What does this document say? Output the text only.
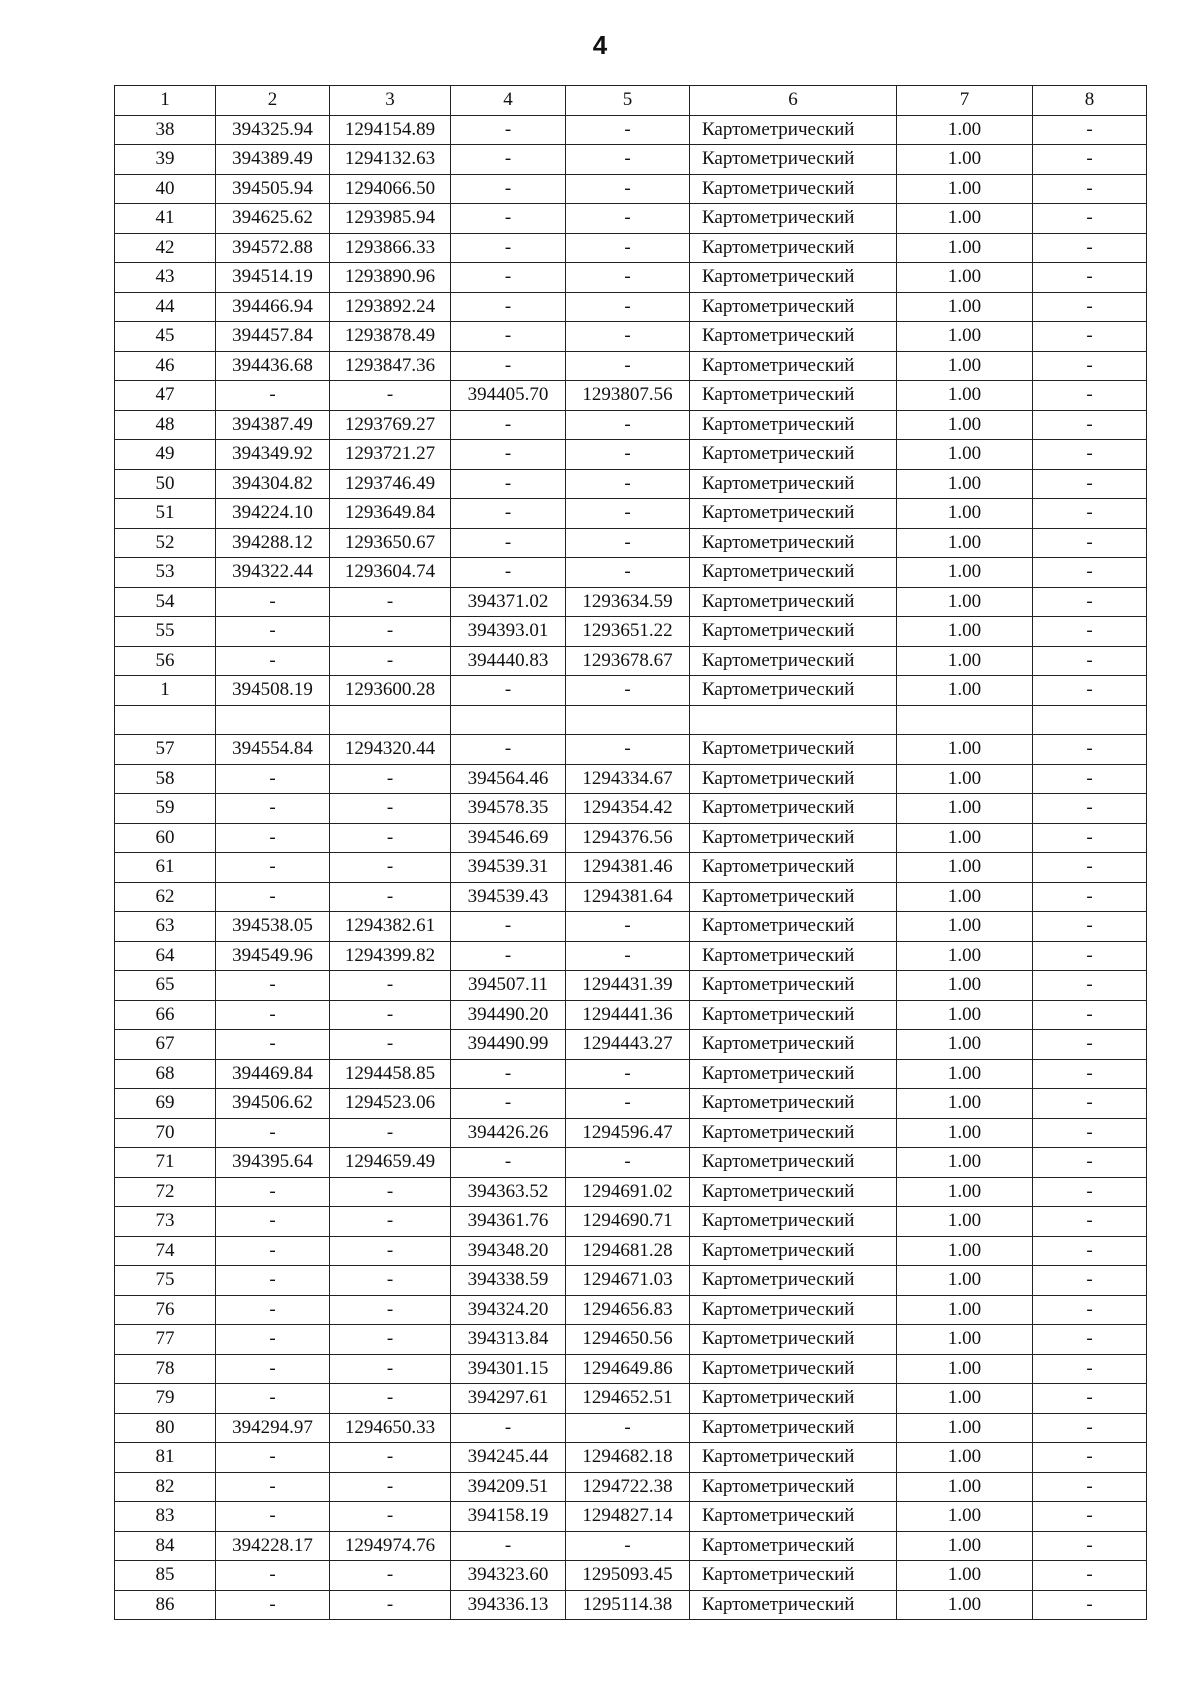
4
1	2	3	4	5	6	7	8
38	394325.94	1294154.89	-	-	Картометрический	1.00	-
39	394389.49	1294132.63	-	-	Картометрический	1.00	-
40	394505.94	1294066.50	-	-	Картометрический	1.00	-
41	394625.62	1293985.94	-	-	Картометрический	1.00	-
42	394572.88	1293866.33	-	-	Картометрический	1.00	-
43	394514.19	1293890.96	-	-	Картометрический	1.00	-
44	394466.94	1293892.24	-	-	Картометрический	1.00	-
45	394457.84	1293878.49	-	-	Картометрический	1.00	-
46	394436.68	1293847.36	-	-	Картометрический	1.00	-
47	-	-	394405.70	1293807.56	Картометрический	1.00	-
48	394387.49	1293769.27	-	-	Картометрический	1.00	-
49	394349.92	1293721.27	-	-	Картометрический	1.00	-
50	394304.82	1293746.49	-	-	Картометрический	1.00	-
51	394224.10	1293649.84	-	-	Картометрический	1.00	-
52	394288.12	1293650.67	-	-	Картометрический	1.00	-
53	394322.44	1293604.74	-	-	Картометрический	1.00	-
54	-	-	394371.02	1293634.59	Картометрический	1.00	-
55	-	-	394393.01	1293651.22	Картометрический	1.00	-
56	-	-	394440.83	1293678.67	Картометрический	1.00	-
1	394508.19	1293600.28	-	-	Картометрический	1.00	-

57	394554.84	1294320.44	-	-	Картометрический	1.00	-
58	-	-	394564.46	1294334.67	Картометрический	1.00	-
59	-	-	394578.35	1294354.42	Картометрический	1.00	-
60	-	-	394546.69	1294376.56	Картометрический	1.00	-
61	-	-	394539.31	1294381.46	Картометрический	1.00	-
62	-	-	394539.43	1294381.64	Картометрический	1.00	-
63	394538.05	1294382.61	-	-	Картометрический	1.00	-
64	394549.96	1294399.82	-	-	Картометрический	1.00	-
65	-	-	394507.11	1294431.39	Картометрический	1.00	-
66	-	-	394490.20	1294441.36	Картометрический	1.00	-
67	-	-	394490.99	1294443.27	Картометрический	1.00	-
68	394469.84	1294458.85	-	-	Картометрический	1.00	-
69	394506.62	1294523.06	-	-	Картометрический	1.00	-
70	-	-	394426.26	1294596.47	Картометрический	1.00	-
71	394395.64	1294659.49	-	-	Картометрический	1.00	-
72	-	-	394363.52	1294691.02	Картометрический	1.00	-
73	-	-	394361.76	1294690.71	Картометрический	1.00	-
74	-	-	394348.20	1294681.28	Картометрический	1.00	-
75	-	-	394338.59	1294671.03	Картометрический	1.00	-
76	-	-	394324.20	1294656.83	Картометрический	1.00	-
77	-	-	394313.84	1294650.56	Картометрический	1.00	-
78	-	-	394301.15	1294649.86	Картометрический	1.00	-
79	-	-	394297.61	1294652.51	Картометрический	1.00	-
80	394294.97	1294650.33	-	-	Картометрический	1.00	-
81	-	-	394245.44	1294682.18	Картометрический	1.00	-
82	-	-	394209.51	1294722.38	Картометрический	1.00	-
83	-	-	394158.19	1294827.14	Картометрический	1.00	-
84	394228.17	1294974.76	-	-	Картометрический	1.00	-
85	-	-	394323.60	1295093.45	Картометрический	1.00	-
86	-	-	394336.13	1295114.38	Картометрический	1.00	-
